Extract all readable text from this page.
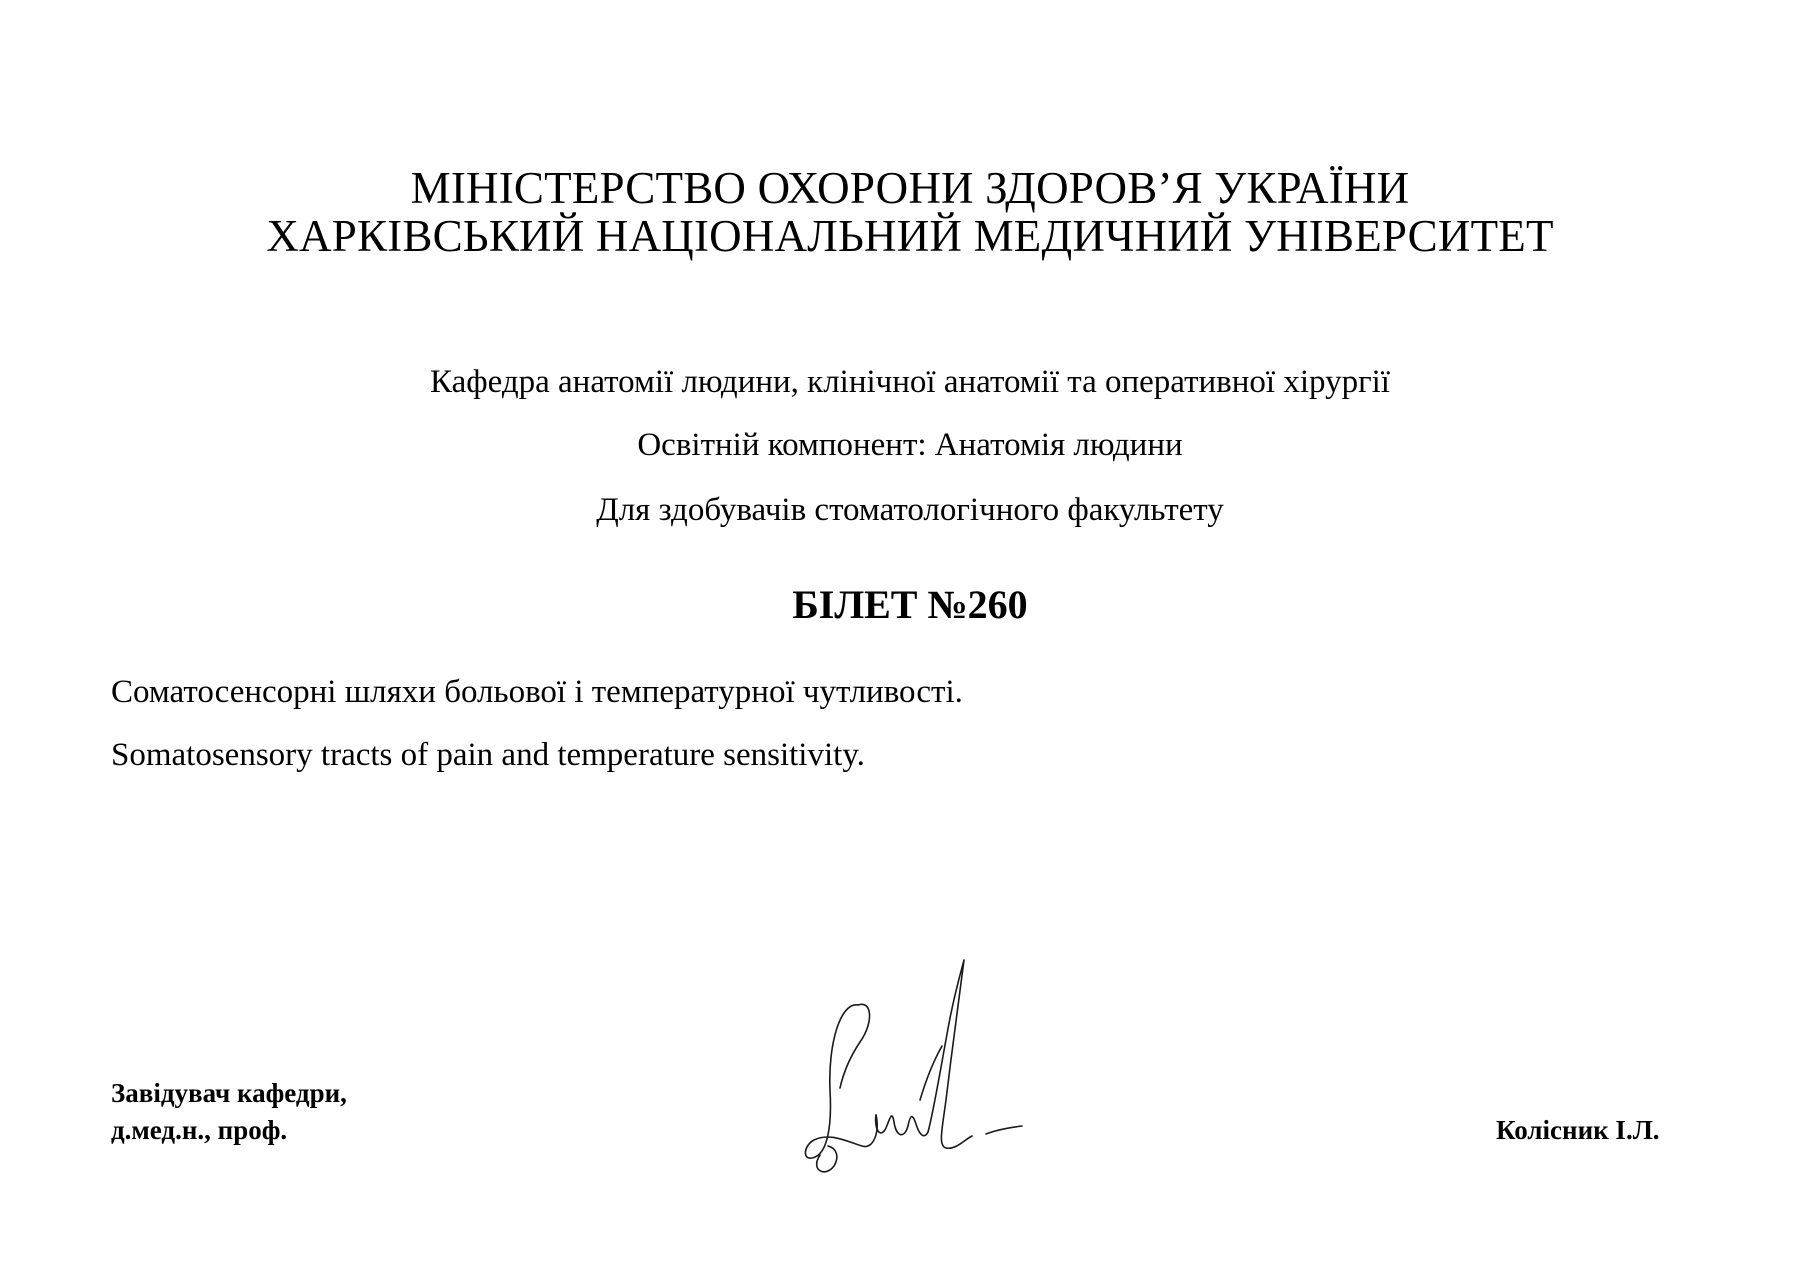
МІНІСТЕРСТВО ОХОРОНИ ЗДОРОВ’Я УКРАЇНИ
ХАРКІВСЬКИЙ НАЦІОНАЛЬНИЙ МЕДИЧНИЙ УНІВЕРСИТЕТ
Кафедра анатомії людини, клінічної анатомії та оперативної хірургії
Освітній компонент: Анатомія людини
Для здобувачів стоматологічного факультету
БІЛЕТ №260
Соматосенсорні шляхи больової і температурної чутливості.
Somatosensory tracts of pain and temperature sensitivity.
Завідувач кафедри,
д.мед.н., проф.	Колісник І.Л.
